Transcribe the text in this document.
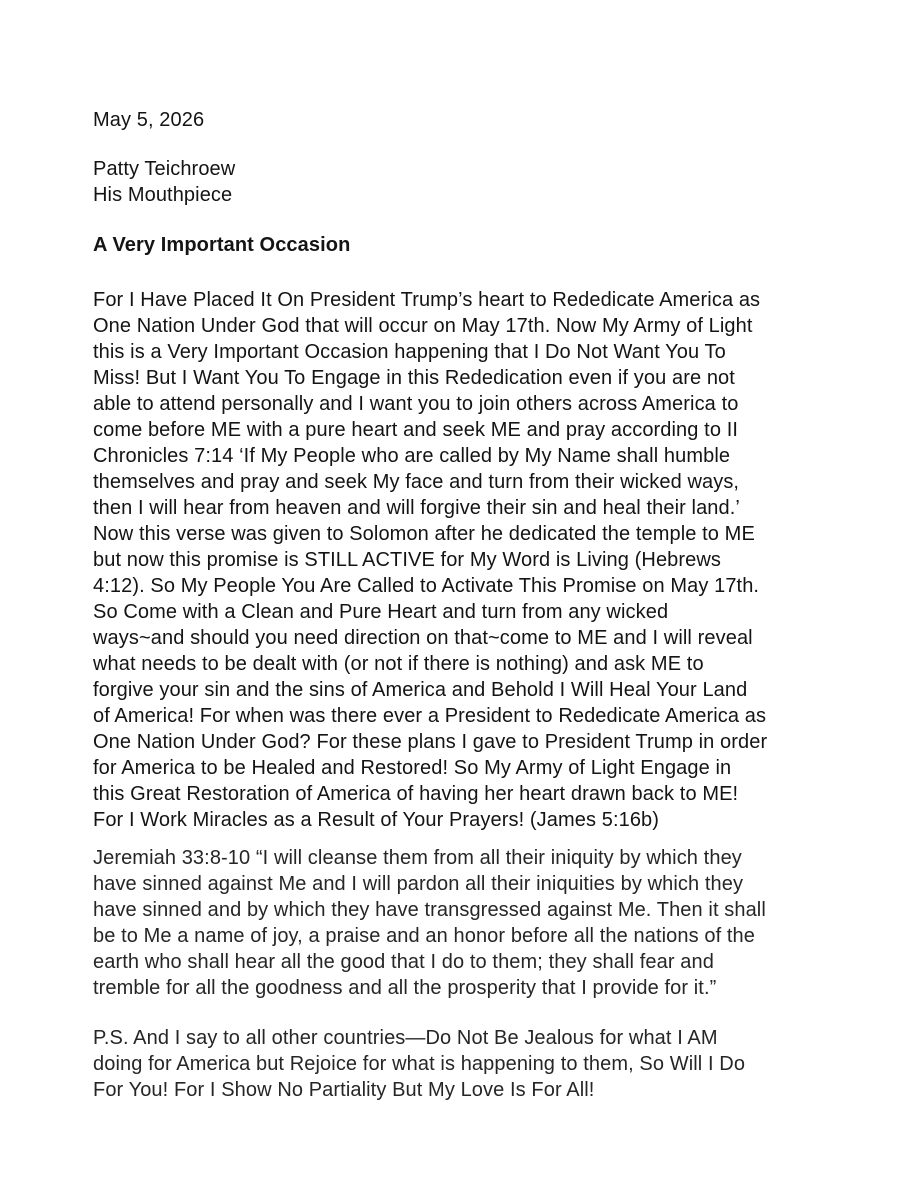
May 5, 2026
Patty Teichroew
His Mouthpiece
A Very Important Occasion
For I Have Placed It On President Trump’s heart to Rededicate America as
One Nation Under God that will occur on May 17th. Now My Army of Light
this is a Very Important Occasion happening that I Do Not Want You To
Miss! But I Want You To Engage in this Rededication even if you are not
able to attend personally and I want you to join others across America to
come before ME with a pure heart and seek ME and pray according to II
Chronicles 7:14 ‘If My People who are called by My Name shall humble
themselves and pray and seek My face and turn from their wicked ways,
then I will hear from heaven and will forgive their sin and heal their land.’
Now this verse was given to Solomon after he dedicated the temple to ME
but now this promise is STILL ACTIVE for My Word is Living (Hebrews
4:12). So My People You Are Called to Activate This Promise on May 17th.
So Come with a Clean and Pure Heart and turn from any wicked
ways~and should you need direction on that~come to ME and I will reveal
what needs to be dealt with (or not if there is nothing) and ask ME to
forgive your sin and the sins of America and Behold I Will Heal Your Land
of America! For when was there ever a President to Rededicate America as
One Nation Under God? For these plans I gave to President Trump in order
for America to be Healed and Restored! So My Army of Light Engage in
this Great Restoration of America of having her heart drawn back to ME!
For I Work Miracles as a Result of Your Prayers! (James 5:16b)
Jeremiah 33:8-10 “I will cleanse them from all their iniquity by which they
have sinned against Me and I will pardon all their iniquities by which they
have sinned and by which they have transgressed against Me. Then it shall
be to Me a name of joy, a praise and an honor before all the nations of the
earth who shall hear all the good that I do to them; they shall fear and
tremble for all the goodness and all the prosperity that I provide for it.”
P.S. And I say to all other countries—Do Not Be Jealous for what I AM
doing for America but Rejoice for what is happening to them, So Will I Do
For You! For I Show No Partiality But My Love Is For All!
